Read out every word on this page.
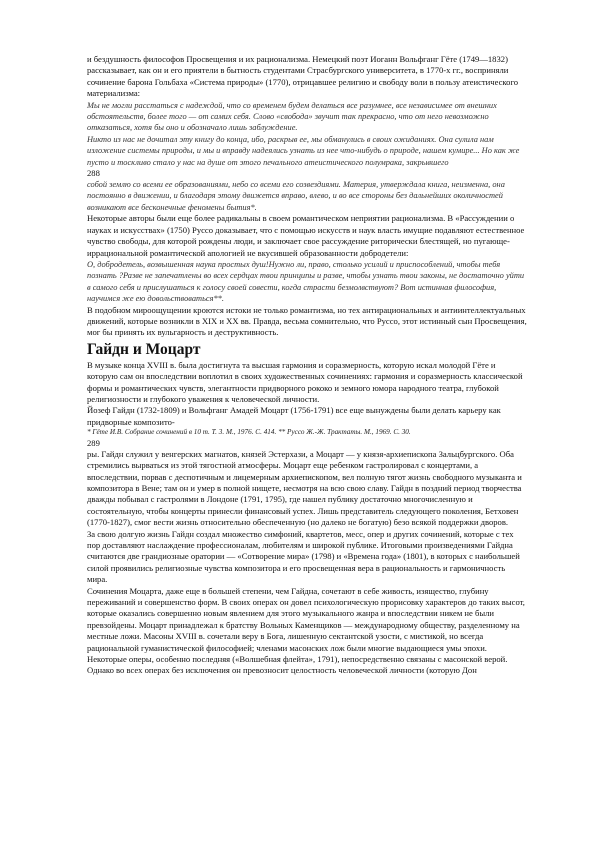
и бездушность философов Просвещения и их рационализма. Немецкий поэт Иоганн Вольфганг Гёте (1749—1832) рассказывает, как он и его приятели в бытность студентами Страсбургского университета, в 1770-х гг., восприняли сочинение барона Гольбаха «Система природы» (1770), отрицавшее религию и свободу воли в пользу атеистического материализма:

Мы не могли расстаться с надеждой, что со временем будем делаться все разумнее, все независимее от внешних обстоятельств, более того — от самих себя. Слово «свобода» звучит так прекрасно, что от него невозможно отказаться, хотя бы оно и обозначало лишь заблуждение.

Никто из нас не дочитал эту книгу до конца, ибо, раскрыв ее, мы обманулись в своих ожиданиях. Она сулила нам изложение системы природы, и мы и вправду надеялись узнать из нее что-нибудь о природе, нашем кумире... Но как же пусто и тоскливо стало у нас на душе от этого печального атеистического полумрака, закрывшего

288

собой землю со всеми ее образованиями, небо со всеми его созвездиями. Материя, утверждала книга, неизменна, она постоянно в движении, и благодаря этому движется вправо, влево, и во все стороны без дальнейших околичностей возникают все бесконечные феномены бытия*.

Некоторые авторы были еще более радикальны в своем романтическом неприятии рационализма. В «Рассуждении о науках и искусствах» (1750) Руссо доказывает, что с помощью искусств и наук власть имущие подавляют естественное чувство свободы, для которой рождены люди, и заключает свое рассуждение риторически блестящей, но пугающе-иррациональной романтической апологией не вкусившей образованности добродетели:

О, добродетель, возвышенная наука простых душ!Нужно ли, право, столько усилий и приспособлений, чтобы тебя познать ?Разве не запечатлены во всех сердцах твои принципы и разве, чтобы узнать твои законы, не достаточно уйти в самого себя и прислушаться к голосу своей совести, когда страсти безмолвствуют? Вот истинная философия, научимся же ею довольствоваться**.

В подобном мироощущении кроются истоки не только романтизма, но тех антирациональных и антиинтеллектуальных движений, которые возникли в XIX и XX вв. Правда, весьма сомнительно, что Руссо, этот истинный сын Просвещения, мог бы принять их вульгарность и деструктивность.

Гайдн и Моцарт

В музыке конца XVIII в. была достигнута та высшая гармония и соразмерность, которую искал молодой Гёте и которую сам он впоследствии воплотил в своих художественных сочинениях: гармония и соразмерность классической формы и романтических чувств, элегантности придворного рококо и земного юмора народного театра, глубокой религиозности и глубокого уважения к человеческой личности.

Йозеф Гайдн (1732-1809) и Вольфганг Амадей Моцарт (1756-1791) все еще вынуждены были делать карьеру как придворные композито-

* Гёте И.В. Собрание сочинений в 10 т. Т. 3. М., 1976. С. 414. ** Руссо Ж.-Ж. Трактаты. М., 1969. С. 30.

289

ры. Гайдн служил у венгерских магнатов, князей Эстерхази, а Моцарт — у князя-архиепископа Зальцбургского. Оба стремились вырваться из этой тягостной атмосферы. Моцарт еще ребенком гастролировал с концертами, а впоследствии, порвав с деспотичным и лицемерным архиепископом, вел полную тягот жизнь свободного музыканта и композитора в Вене; там он и умер в полной нищете, несмотря на всю свою славу. Гайдн в поздний период творчества дважды побывал с гастролями в Лондоне (1791, 1795), где нашел публику достаточно многочисленную и состоятельную, чтобы концерты принесли финансовый успех. Лишь представитель следующего поколения, Бетховен (1770-1827), смог вести жизнь относительно обеспеченную (но далеко не богатую) безо всякой поддержки дворов.

За свою долгую жизнь Гайдн создал множество симфоний, квартетов, месс, опер и других сочинений, которые с тех пор доставляют наслаждение профессионалам, любителям и широкой публике. Итоговыми произведениями Гайдна считаются две грандиозные оратории — «Сотворение мира» (1798) и «Времена года» (1801), в которых с наибольшей силой проявились религиозные чувства композитора и его просвещенная вера в рациональность и гармоничность мира.

Сочинения Моцарта, даже еще в большей степени, чем Гайдна, сочетают в себе живость, изящество, глубину переживаний и совершенство форм. В своих операх он довел психологическую прорисовку характеров до таких высот, которые оказались совершенно новым явлением для этого музыкального жанра и впоследствии никем не были превзойдены. Моцарт принадлежал к братству Вольных Каменщиков — международному обществу, разделенному на местные ложи. Масоны XVIII в. сочетали веру в Бога, лишенную сектантской узости, с мистикой, но всегда рациональной гуманистической философией; членами масонских лож были многие выдающиеся умы эпохи. Некоторые оперы, особенно последняя («Волшебная флейта», 1791), непосредственно связаны с масонской верой. Однако во всех операх без исключения он превозносит целостность человеческой личности (которую Дон
